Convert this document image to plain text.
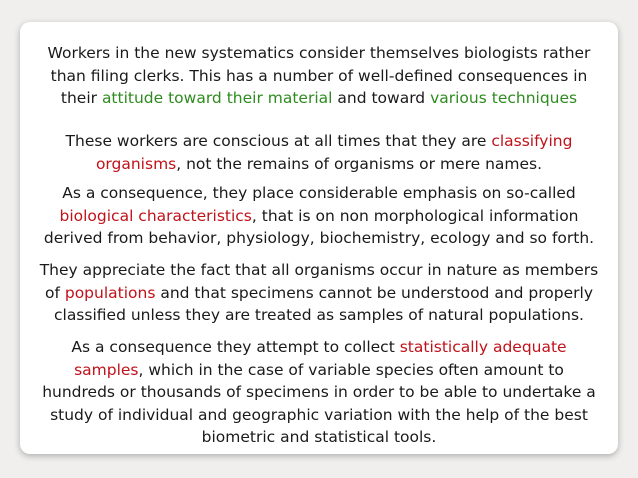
Workers in the new systematics consider themselves biologists rather
than filing clerks. This has a number of well-defined consequences in
their attitude toward their material and toward various techniques

These workers are conscious at all times that they are classifying
organisms, not the remains of organisms or mere names.

As a consequence, they place considerable emphasis on so-called
biological characteristics, that is on non morphological information
derived from behavior, physiology, biochemistry, ecology and so forth.

They appreciate the fact that all organisms occur in nature as members
of populations and that specimens cannot be understood and properly
classified unless they are treated as samples of natural populations.

As a consequence they attempt to collect statistically adequate
samples, which in the case of variable species often amount to
hundreds or thousands of specimens in order to be able to undertake a
study of individual and geographic variation with the help of the best
biometric and statistical tools.
